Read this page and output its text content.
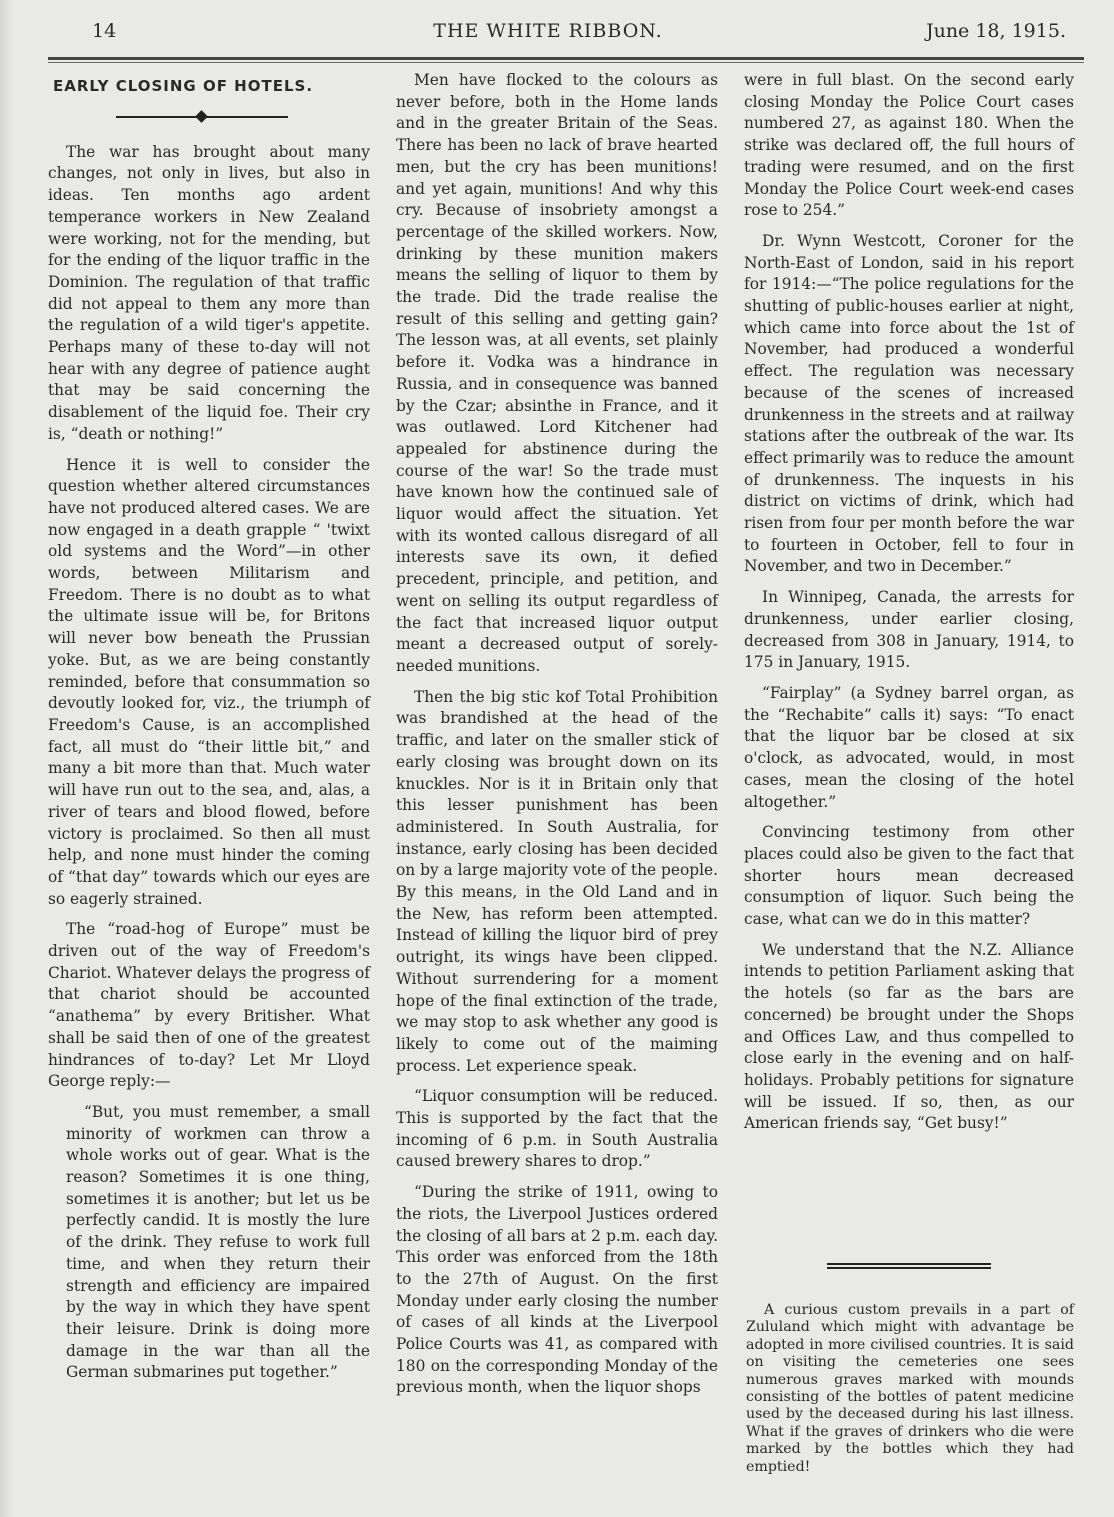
14	THE WHITE RIBBON.	June 18, 1915.
EARLY CLOSING OF HOTELS.

The war has brought about many changes, not only in lives, but also in ideas. Ten months ago ardent temperance workers in New Zealand were working, not for the mending, but for the ending of the liquor traffic in the Dominion. The regulation of that traffic did not appeal to them any more than the regulation of a wild tiger's appetite. Perhaps many of these to-day will not hear with any degree of patience aught that may be said concerning the disablement of the liquid foe. Their cry is, “death or nothing!”

Hence it is well to consider the question whether altered circumstances have not produced altered cases. We are now engaged in a death grapple “ 'twixt old systems and the Word”—in other words, between Militarism and Freedom. There is no doubt as to what the ultimate issue will be, for Britons will never bow beneath the Prussian yoke. But, as we are being constantly reminded, before that consummation so devoutly looked for, viz., the triumph of Freedom's Cause, is an accomplished fact, all must do “their little bit,” and many a bit more than that. Much water will have run out to the sea, and, alas, a river of tears and blood flowed, before victory is proclaimed. So then all must help, and none must hinder the coming of “that day” towards which our eyes are so eagerly strained.

The “road-hog of Europe” must be driven out of the way of Freedom's Chariot. Whatever delays the progress of that chariot should be accounted “anathema” by every Britisher. What shall be said then of one of the greatest hindrances of to-day? Let Mr Lloyd George reply:—

“But, you must remember, a small minority of workmen can throw a whole works out of gear. What is the reason? Sometimes it is one thing, sometimes it is another; but let us be perfectly candid. It is mostly the lure of the drink. They refuse to work full time, and when they return their strength and efficiency are impaired by the way in which they have spent their leisure. Drink is doing more damage in the war than all the German submarines put together.”

Men have flocked to the colours as never before, both in the Home lands and in the greater Britain of the Seas. There has been no lack of brave hearted men, but the cry has been munitions! and yet again, munitions! And why this cry. Because of insobriety amongst a percentage of the skilled workers. Now, drinking by these munition makers means the selling of liquor to them by the trade. Did the trade realise the result of this selling and getting gain? The lesson was, at all events, set plainly before it. Vodka was a hindrance in Russia, and in consequence was banned by the Czar; absinthe in France, and it was outlawed. Lord Kitchener had appealed for abstinence during the course of the war! So the trade must have known how the continued sale of liquor would affect the situation. Yet with its wonted callous disregard of all interests save its own, it defied precedent, principle, and petition, and went on selling its output regardless of the fact that increased liquor output meant a decreased output of sorely-needed munitions.

Then the big stic kof Total Prohibition was brandished at the head of the traffic, and later on the smaller stick of early closing was brought down on its knuckles. Nor is it in Britain only that this lesser punishment has been administered. In South Australia, for instance, early closing has been decided on by a large majority vote of the people. By this means, in the Old Land and in the New, has reform been attempted. Instead of killing the liquor bird of prey outright, its wings have been clipped. Without surrendering for a moment hope of the final extinction of the trade, we may stop to ask whether any good is likely to come out of the maiming process. Let experience speak.

“Liquor consumption will be reduced. This is supported by the fact that the incoming of 6 p.m. in South Australia caused brewery shares to drop.”

“During the strike of 1911, owing to the riots, the Liverpool Justices ordered the closing of all bars at 2 p.m. each day. This order was enforced from the 18th to the 27th of August. On the first Monday under early closing the number of cases of all kinds at the Liverpool Police Courts was 41, as compared with 180 on the corresponding Monday of the previous month, when the liquor shops

were in full blast. On the second early closing Monday the Police Court cases numbered 27, as against 180. When the strike was declared off, the full hours of trading were resumed, and on the first Monday the Police Court week-end cases rose to 254.”

Dr. Wynn Westcott, Coroner for the North-East of London, said in his report for 1914:—“The police regulations for the shutting of public-houses earlier at night, which came into force about the 1st of November, had produced a wonderful effect. The regulation was necessary because of the scenes of increased drunkenness in the streets and at railway stations after the outbreak of the war. Its effect primarily was to reduce the amount of drunkenness. The inquests in his district on victims of drink, which had risen from four per month before the war to fourteen in October, fell to four in November, and two in December.”

In Winnipeg, Canada, the arrests for drunkenness, under earlier closing, decreased from 308 in January, 1914, to 175 in January, 1915.

“Fairplay” (a Sydney barrel organ, as the “Rechabite” calls it) says: “To enact that the liquor bar be closed at six o'clock, as advocated, would, in most cases, mean the closing of the hotel altogether.”

Convincing testimony from other places could also be given to the fact that shorter hours mean decreased consumption of liquor. Such being the case, what can we do in this matter?

We understand that the N.Z. Alliance intends to petition Parliament asking that the hotels (so far as the bars are concerned) be brought under the Shops and Offices Law, and thus compelled to close early in the evening and on half-holidays. Probably petitions for signature will be issued. If so, then, as our American friends say, “Get busy!”

A curious custom prevails in a part of Zululand which might with advantage be adopted in more civilised countries. It is said on visiting the cemeteries one sees numerous graves marked with mounds consisting of the bottles of patent medicine used by the deceased during his last illness. What if the graves of drinkers who die were marked by the bottles which they had emptied!
